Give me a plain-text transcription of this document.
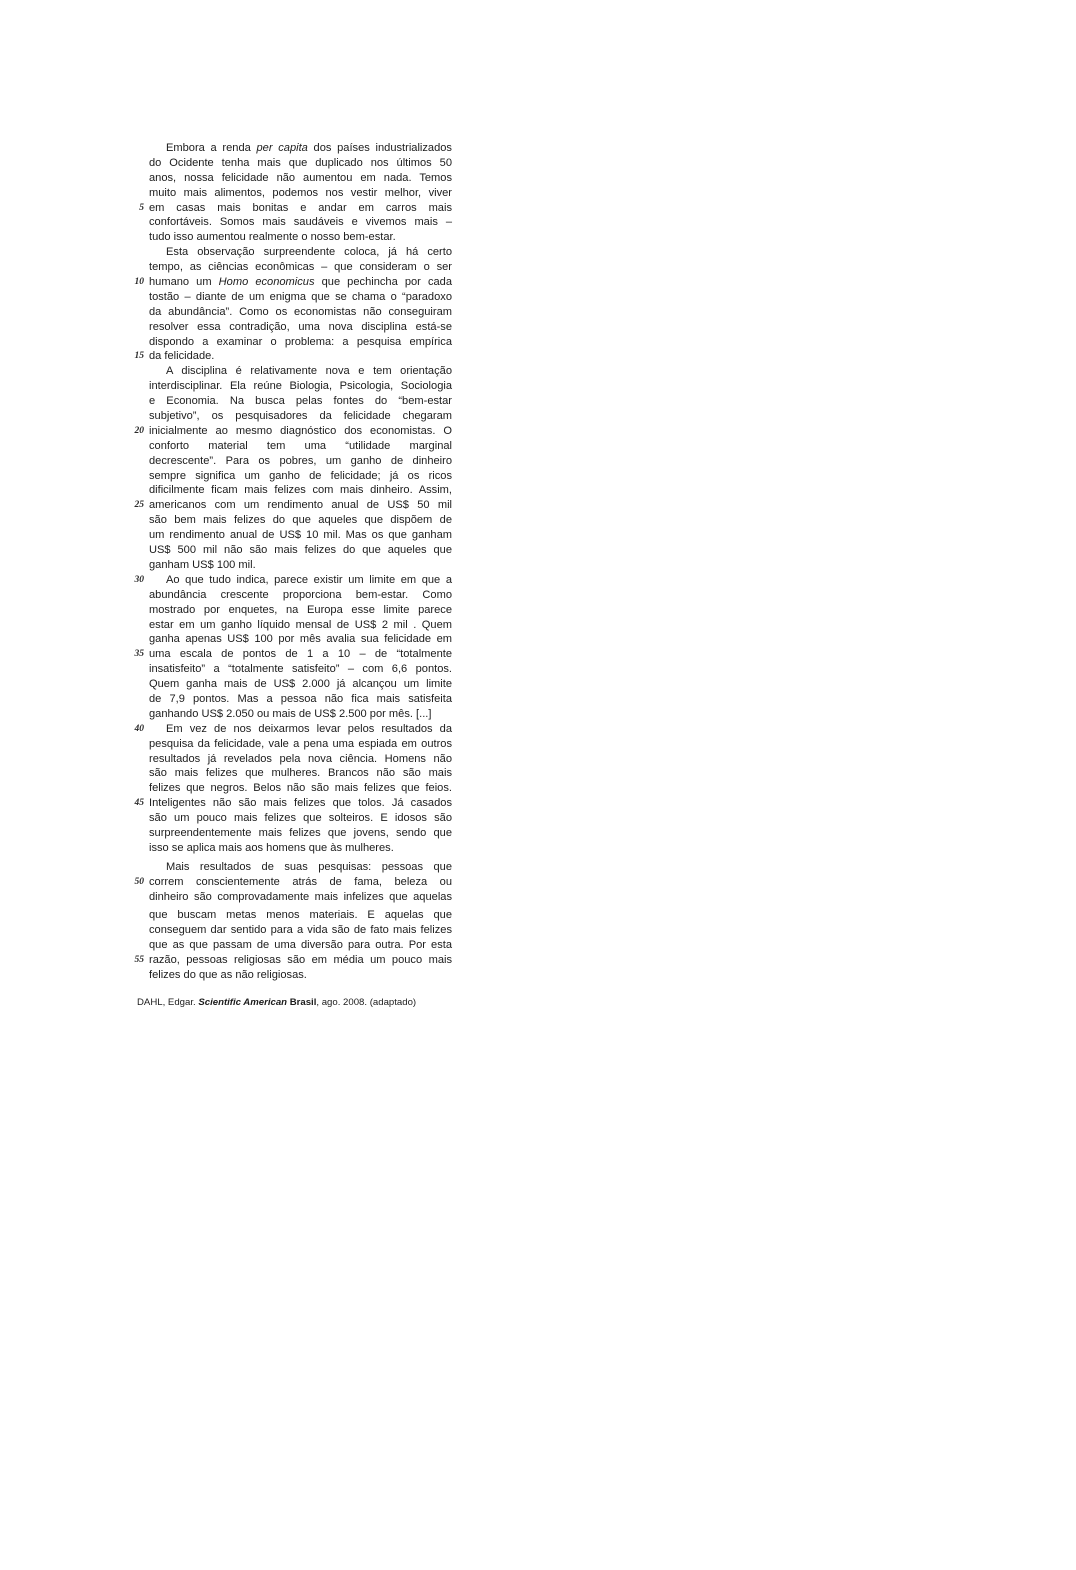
Embora a renda per capita dos países industrializados
do Ocidente tenha mais que duplicado nos últimos 50
anos, nossa felicidade não aumentou em nada. Temos
muito mais alimentos, podemos nos vestir melhor, viver
5 em casas mais bonitas e andar em carros mais
confortáveis. Somos mais saudáveis e vivemos mais –
tudo isso aumentou realmente o nosso bem-estar.
Esta observação surpreendente coloca, já há certo
tempo, as ciências econômicas – que consideram o ser
10 humano um Homo economicus que pechincha por cada
tostão – diante de um enigma que se chama o “paradoxo
da abundância”. Como os economistas não conseguiram
resolver essa contradição, uma nova disciplina está-se
dispondo a examinar o problema: a pesquisa empírica
15 da felicidade.
A disciplina é relativamente nova e tem orientação
interdisciplinar. Ela reúne Biologia, Psicologia, Sociologia
e Economia. Na busca pelas fontes do “bem-estar
subjetivo”, os pesquisadores da felicidade chegaram
20 inicialmente ao mesmo diagnóstico dos economistas. O
conforto material tem uma “utilidade marginal
decrescente”. Para os pobres, um ganho de dinheiro
sempre significa um ganho de felicidade; já os ricos
dificilmente ficam mais felizes com mais dinheiro. Assim,
25 americanos com um rendimento anual de US$ 50 mil
são bem mais felizes do que aqueles que dispõem de
um rendimento anual de US$ 10 mil. Mas os que ganham
US$ 500 mil não são mais felizes do que aqueles que
ganham US$ 100 mil.
30	Ao que tudo indica, parece existir um limite em que a
abundância crescente proporciona bem-estar. Como
mostrado por enquetes, na Europa esse limite parece
estar em um ganho líquido mensal de US$ 2 mil . Quem
ganha apenas US$ 100 por mês avalia sua felicidade em
35 uma escala de pontos de 1 a 10 – de “totalmente
insatisfeito” a “totalmente satisfeito” – com 6,6 pontos.
Quem ganha mais de US$ 2.000 já alcançou um limite
de 7,9 pontos. Mas a pessoa não fica mais satisfeita
ganhando US$ 2.050 ou mais de US$ 2.500 por mês. [...]
40	Em vez de nos deixarmos levar pelos resultados da
pesquisa da felicidade, vale a pena uma espiada em outros
resultados já revelados pela nova ciência. Homens não
são mais felizes que mulheres. Brancos não são mais
felizes que negros. Belos não são mais felizes que feios.
45 Inteligentes não são mais felizes que tolos. Já casados
são um pouco mais felizes que solteiros. E idosos são
surpreendentemente mais felizes que jovens, sendo que
isso se aplica mais aos homens que às mulheres.
Mais resultados de suas pesquisas: pessoas que
50 correm conscientemente atrás de fama, beleza ou
dinheiro são comprovadamente mais infelizes que aquelas
que buscam metas menos materiais. E aquelas que
conseguem dar sentido para a vida são de fato mais felizes
que as que passam de uma diversão para outra. Por esta
55 razão, pessoas religiosas são em média um pouco mais
felizes do que as não religiosas.
DAHL, Edgar. Scientific American Brasil, ago. 2008. (adaptado)
